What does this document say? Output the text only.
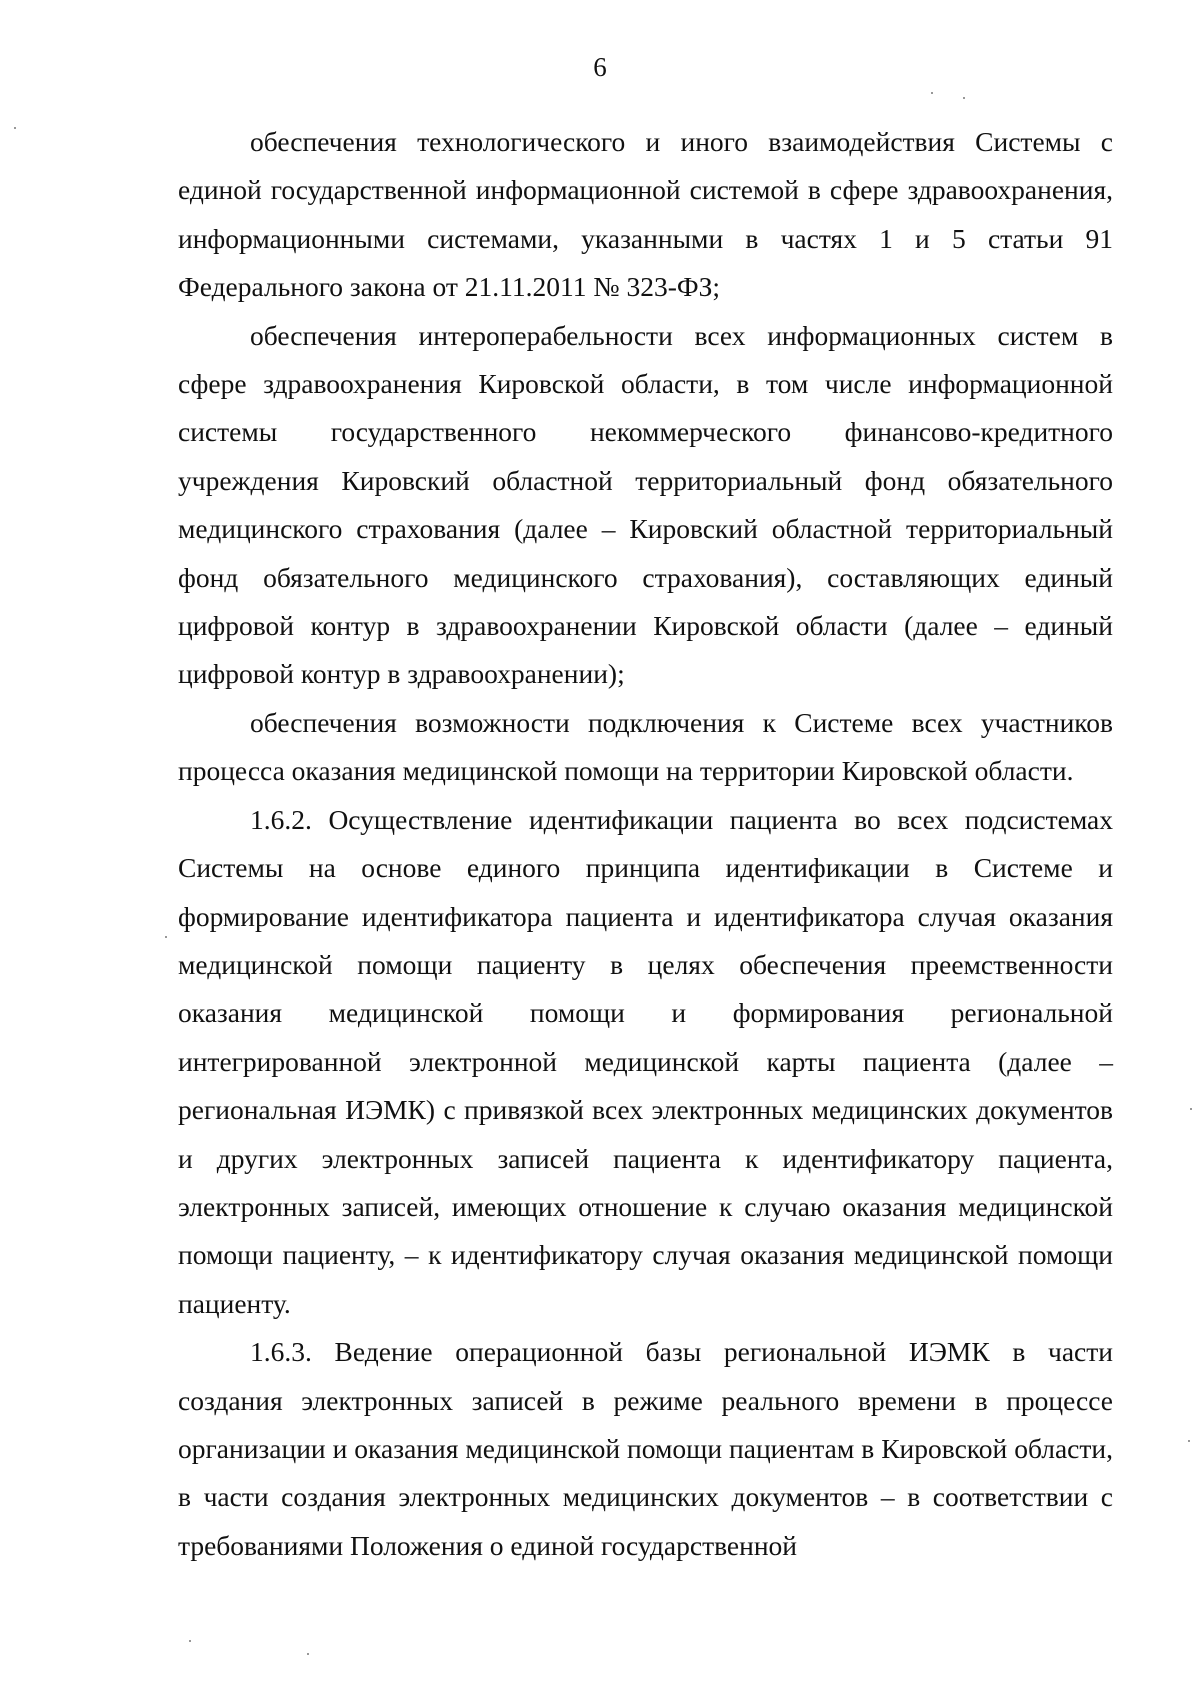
6

обеспечения технологического и иного взаимодействия Системы с единой государственной информационной системой в сфере здравоохранения, информационными системами, указанными в частях 1 и 5 статьи 91 Федерального закона от 21.11.2011 № 323-ФЗ;

обеспечения интероперабельности всех информационных систем в сфере здравоохранения Кировской области, в том числе информационной системы государственного некоммерческого финансово-кредитного учреждения Кировский областной территориальный фонд обязательного медицинского страхования (далее – Кировский областной территориальный фонд обязательного медицинского страхования), составляющих единый цифровой контур в здравоохранении Кировской области (далее – единый цифровой контур в здравоохранении);

обеспечения возможности подключения к Системе всех участников процесса оказания медицинской помощи на территории Кировской области.

1.6.2. Осуществление идентификации пациента во всех подсистемах Системы на основе единого принципа идентификации в Системе и формирование идентификатора пациента и идентификатора случая оказания медицинской помощи пациенту в целях обеспечения преемственности оказания медицинской помощи и формирования региональной интегрированной электронной медицинской карты пациента (далее – региональная ИЭМК) с привязкой всех электронных медицинских документов и других электронных записей пациента к идентификатору пациента, электронных записей, имеющих отношение к случаю оказания медицинской помощи пациенту, – к идентификатору случая оказания медицинской помощи пациенту.

1.6.3. Ведение операционной базы региональной ИЭМК в части создания электронных записей в режиме реального времени в процессе организации и оказания медицинской помощи пациентам в Кировской области, в части создания электронных медицинских документов – в соответствии с требованиями Положения о единой государственной
